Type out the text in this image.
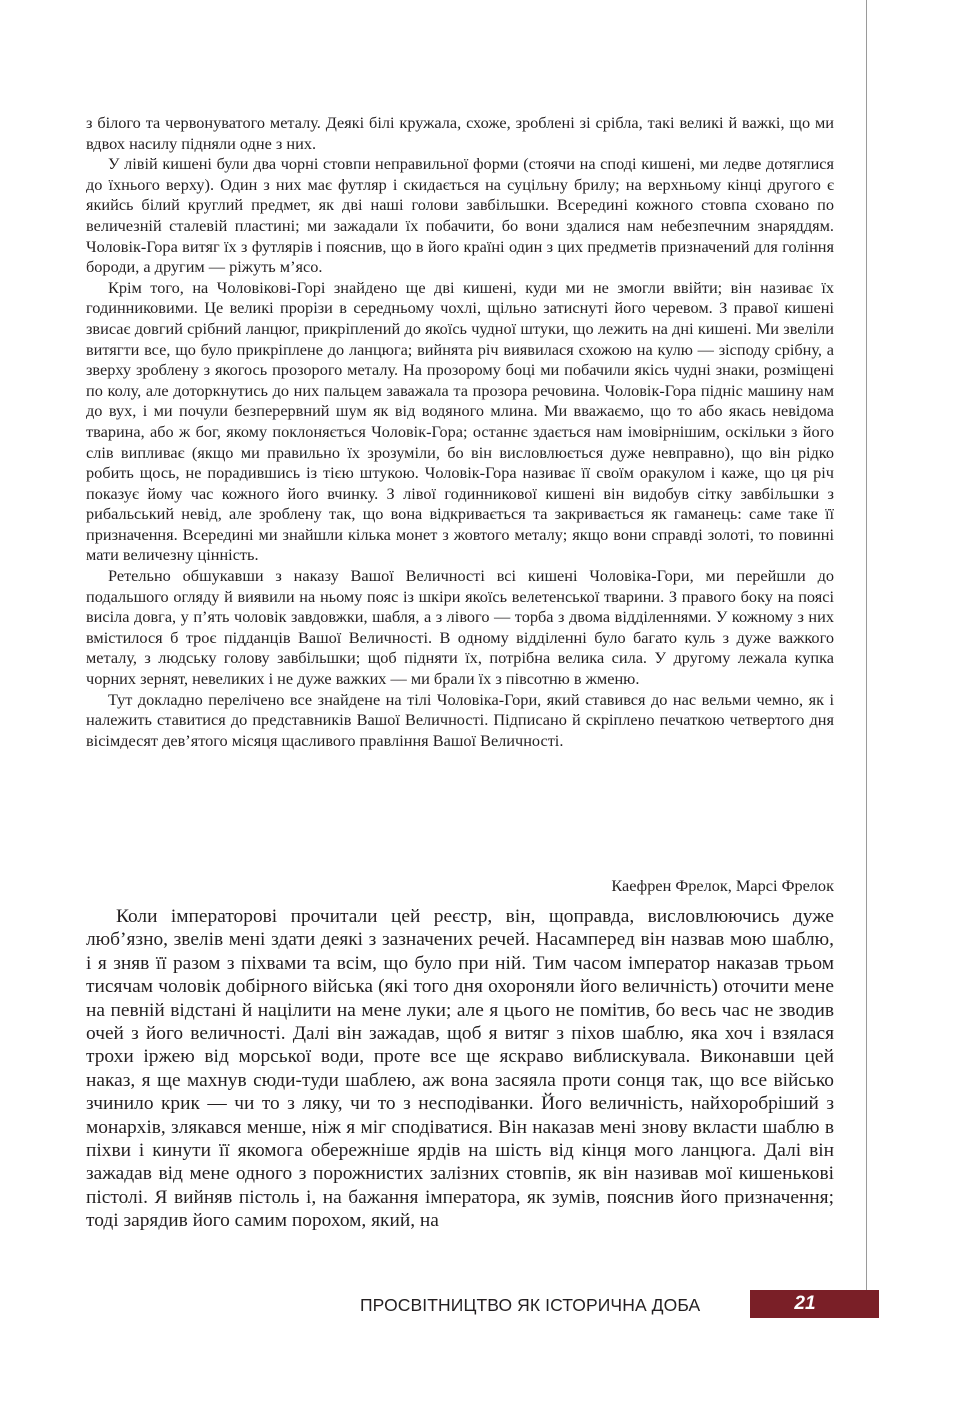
з білого та червонуватого металу. Деякі білі кружала, схоже, зроблені зі срібла, такі великі й важкі, що ми вдвох насилу підняли одне з них.

У лівій кишені були два чорні стовпи неправильної форми (стоячи на споді кишені, ми ледве дотяглися до їхнього верху). Один з них має футляр і скидається на суцільну брилу; на верхньому кінці другого є якийсь білий круглий предмет, як дві наші голови завбільшки. Всередині кожного стовпа сховано по величезній сталевій пластині; ми зажадали їх побачити, бо вони здалися нам небезпечним знаряддям. Чоловік-Гора витяг їх з футлярів і пояснив, що в його країні один з цих предметів призначений для гоління бороди, а другим — ріжуть м’ясо.

Крім того, на Чоловікові-Горі знайдено ще дві кишені, куди ми не змогли ввійти; він називає їх годинниковими. Це великі прорізи в середньому чохлі, щільно затиснуті його черевом. З правої кишені звисає довгий срібний ланцюг, прикріплений до якоїсь чудної штуки, що лежить на дні кишені. Ми звеліли витягти все, що було прикріплене до ланцюга; вийнята річ виявилася схожою на кулю — зісподу срібну, а зверху зроблену з якогось прозорого металу. На прозорому боці ми побачили якісь чудні знаки, розміщені по колу, але доторкнутись до них пальцем заважала та прозора речовина. Чоловік-Гора підніс машину нам до вух, і ми почули безперервний шум як від водяного млина. Ми вважаємо, що то або якась невідома тварина, або ж бог, якому поклоняється Чоловік-Гора; останнє здається нам імовірнішим, оскільки з його слів випливає (якщо ми правильно їх зрозуміли, бо він висловлюється дуже невправно), що він рідко робить щось, не порадившись із тією штукою. Чоловік-Гора називає її своїм оракулом і каже, що ця річ показує йому час кожного його вчинку. З лівої годинникової кишені він видобув сітку завбільшки з рибальський невід, але зроблену так, що вона відкривається та закривається як гаманець: саме таке її призначення. Всередині ми знайшли кілька монет з жовтого металу; якщо вони справді золоті, то повинні мати величезну цінність.

Ретельно обшукавши з наказу Вашої Величності всі кишені Чоловіка-Гори, ми перейшли до подальшого огляду й виявили на ньому пояс із шкіри якоїсь велетенської тварини. З правого боку на поясі висіла довга, у п’ять чоловік завдовжки, шабля, а з лівого — торба з двома відділеннями. У кожному з них вмістилося б троє підданців Вашої Величності. В одному відділенні було багато куль з дуже важкого металу, з людську голову завбільшки; щоб підняти їх, потрібна велика сила. У другому лежала купка чорних зернят, невеликих і не дуже важких — ми брали їх з півсотню в жменю.

Тут докладно перелічено все знайдене на тілі Чоловіка-Гори, який ставився до нас вельми чемно, як і належить ставитися до представників Вашої Величності. Підписано й скріплено печаткою четвертого дня вісімдесят дев’ятого місяця щасливого правління Вашої Величності.

Каефрен Фрелок, Марсі Фрелок

Коли імператорові прочитали цей реєстр, він, щоправда, висловлюючись дуже люб’язно, звелів мені здати деякі з зазначених речей. Насамперед він назвав мою шаблю, і я зняв її разом з піхвами та всім, що було при ній. Тим часом імператор наказав трьом тисячам чоловік добірного війська (які того дня охороняли його величність) оточити мене на певній відстані й націлити на мене луки; але я цього не помітив, бо весь час не зводив очей з його величності. Далі він зажадав, щоб я витяг з піхов шаблю, яка хоч і взялася трохи іржею від морської води, проте все ще яскраво виблискувала. Виконавши цей наказ, я ще махнув сюди-туди шаблею, аж вона засяяла проти сонця так, що все військо зчинило крик — чи то з ляку, чи то з несподіванки. Його величність, найхоробріший з монархів, злякався менше, ніж я міг сподіватися. Він наказав мені знову вкласти шаблю в піхви і кинути її якомога обережніше ярдів на шість від кінця мого ланцюга. Далі він зажадав від мене одного з порожнистих залізних стовпів, як він називав мої кишенькові пістолі. Я вийняв пістоль і, на бажання імператора, як зумів, пояснив його призначення; тоді зарядив його самим порохом, який, на

ПРОСВІТНИЦТВО ЯК ІСТОРИЧНА ДОБА	21
